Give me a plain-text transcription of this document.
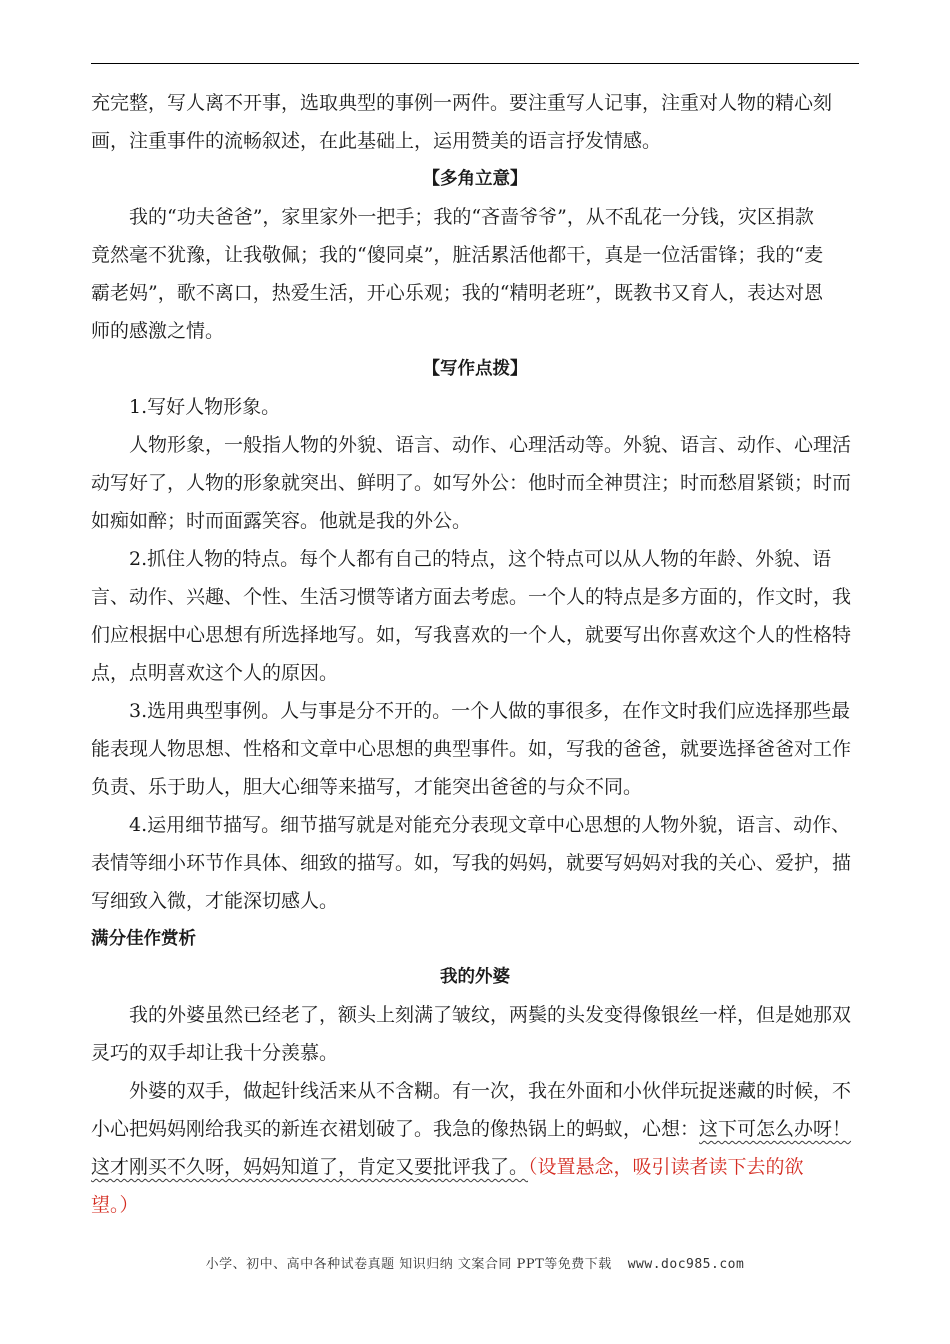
充完整，写人离不开事，选取典型的事例一两件。要注重写人记事，注重对人物的精心刻
画，注重事件的流畅叙述，在此基础上，运用赞美的语言抒发情感。
【多角立意】
我的“功夫爸爸”，家里家外一把手；我的“吝啬爷爷”，从不乱花一分钱，灾区捐款
竟然毫不犹豫，让我敬佩；我的“傻同桌”，脏活累活他都干，真是一位活雷锋；我的“麦
霸老妈”，歌不离口，热爱生活，开心乐观；我的“精明老班”，既教书又育人，表达对恩
师的感激之情。
【写作点拨】
1.写好人物形象。
人物形象，一般指人物的外貌、语言、动作、心理活动等。外貌、语言、动作、心理活
动写好了，人物的形象就突出、鲜明了。如写外公：他时而全神贯注；时而愁眉紧锁；时而
如痴如醉；时而面露笑容。他就是我的外公。
2.抓住人物的特点。每个人都有自己的特点，这个特点可以从人物的年龄、外貌、语
言、动作、兴趣、个性、生活习惯等诸方面去考虑。一个人的特点是多方面的，作文时，我
们应根据中心思想有所选择地写。如，写我喜欢的一个人，就要写出你喜欢这个人的性格特
点，点明喜欢这个人的原因。
3.选用典型事例。人与事是分不开的。一个人做的事很多，在作文时我们应选择那些最
能表现人物思想、性格和文章中心思想的典型事件。如，写我的爸爸，就要选择爸爸对工作
负责、乐于助人，胆大心细等来描写，才能突出爸爸的与众不同。
4.运用细节描写。细节描写就是对能充分表现文章中心思想的人物外貌，语言、动作、
表情等细小环节作具体、细致的描写。如，写我的妈妈，就要写妈妈对我的关心、爱护，描
写细致入微，才能深切感人。
满分佳作赏析
我的外婆
我的外婆虽然已经老了，额头上刻满了皱纹，两鬓的头发变得像银丝一样，但是她那双
灵巧的双手却让我十分羡慕。
外婆的双手，做起针线活来从不含糊。有一次，我在外面和小伙伴玩捉迷藏的时候，不
小心把妈妈刚给我买的新连衣裙划破了。我急的像热锅上的蚂蚁，心想：这下可怎么办呀！
这才刚买不久呀，妈妈知道了，肯定又要批评我了。（设置悬念，吸引读者读下去的欲
望。）
小学、初中、高中各种试卷真题 知识归纳 文案合同 PPT等免费下载 www.doc985.com
